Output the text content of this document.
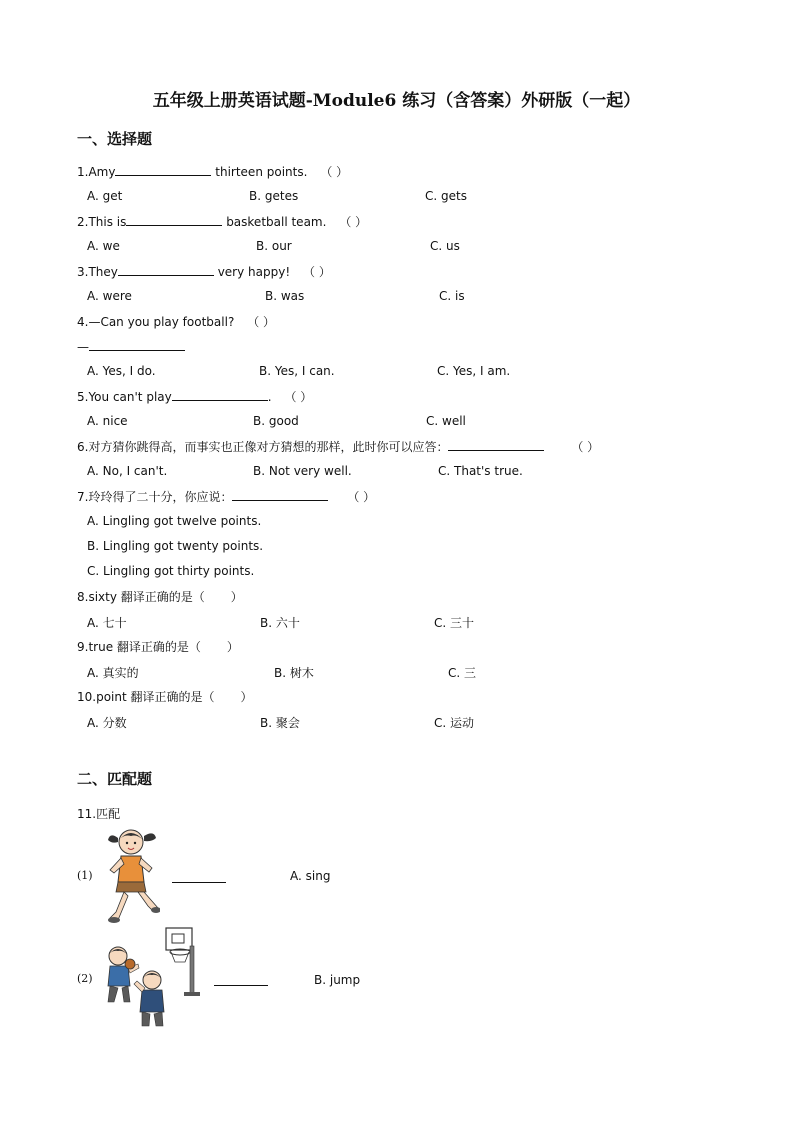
五年级上册英语试题-Module6 练习（含答案）外研版（一起）
一、选择题
1.Amy	thirteen points. （ ）
A. get	B. getes	C. gets
2.This is	basketball team. （ ）
A. we	B. our	C. us
3.They	very happy! （ ）
A. were	B. was	C. is
4.—Can you play football? （ ）
—
A. Yes, I do.	B. Yes, I can.	C. Yes, I am.
5.You can't play	. （ ）
A. nice	B. good	C. well
6.对方猜你跳得高，而事实也正像对方猜想的那样，此时你可以应答：	（ ）
A. No, I can't.	B. Not very well.	C. That's true.
7.玲玲得了二十分，你应说：	（ ）
A. Lingling got twelve points.
B. Lingling got twenty points.
C. Lingling got thirty points.
8.sixty 翻译正确的是（ ）
A. 七十	B. 六十	C. 三十
9.true 翻译正确的是（ ）
A. 真实的	B. 树木	C. 三
10.point 翻译正确的是（ ）
A. 分数	B. 聚会	C. 运动
二、匹配题
11.匹配
(1)	A. sing
(2)	B. jump
